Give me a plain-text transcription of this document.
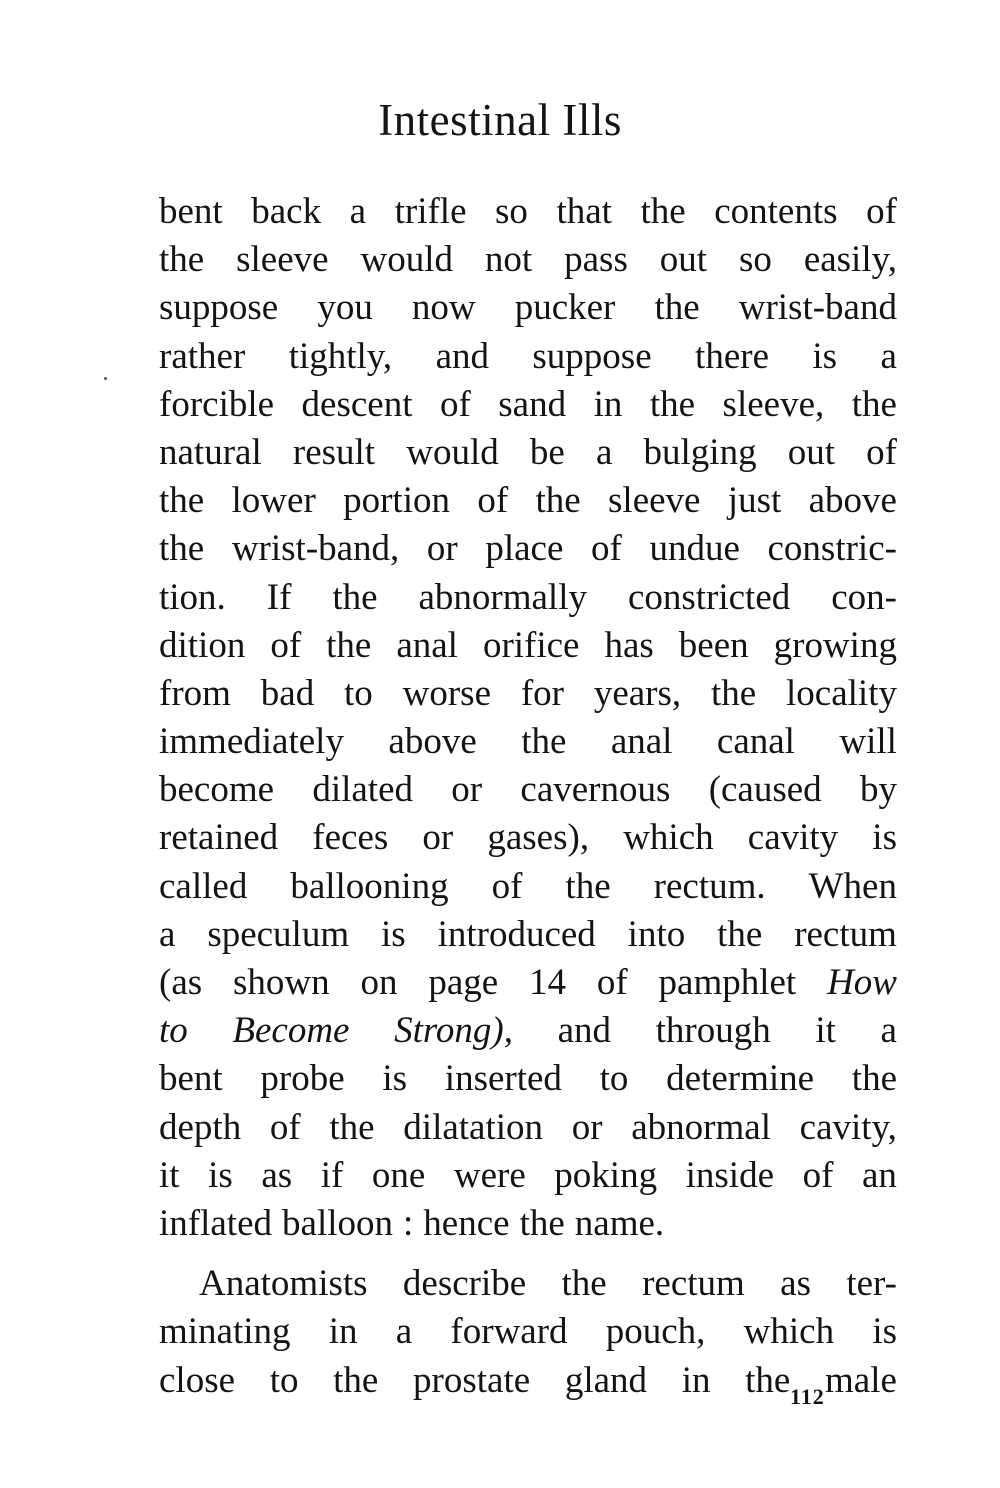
Intestinal Ills
bent back a trifle so that the contents of
the sleeve would not pass out so easily,
suppose you now pucker the wrist-band
rather tightly, and suppose there is a
forcible descent of sand in the sleeve, the
natural result would be a bulging out of
the lower portion of the sleeve just above
the wrist-band, or place of undue constric-
tion. If the abnormally constricted con-
dition of the anal orifice has been growing
from bad to worse for years, the locality
immediately above the anal canal will
become dilated or cavernous (caused by
retained feces or gases), which cavity is
called ballooning of the rectum. When
a speculum is introduced into the rectum
(as shown on page 14 of pamphlet How
to Become Strong), and through it a
bent probe is inserted to determine the
depth of the dilatation or abnormal cavity,
it is as if one were poking inside of an
inflated balloon : hence the name.
Anatomists describe the rectum as ter-
minating in a forward pouch, which is
close to the prostate gland in the male
112
